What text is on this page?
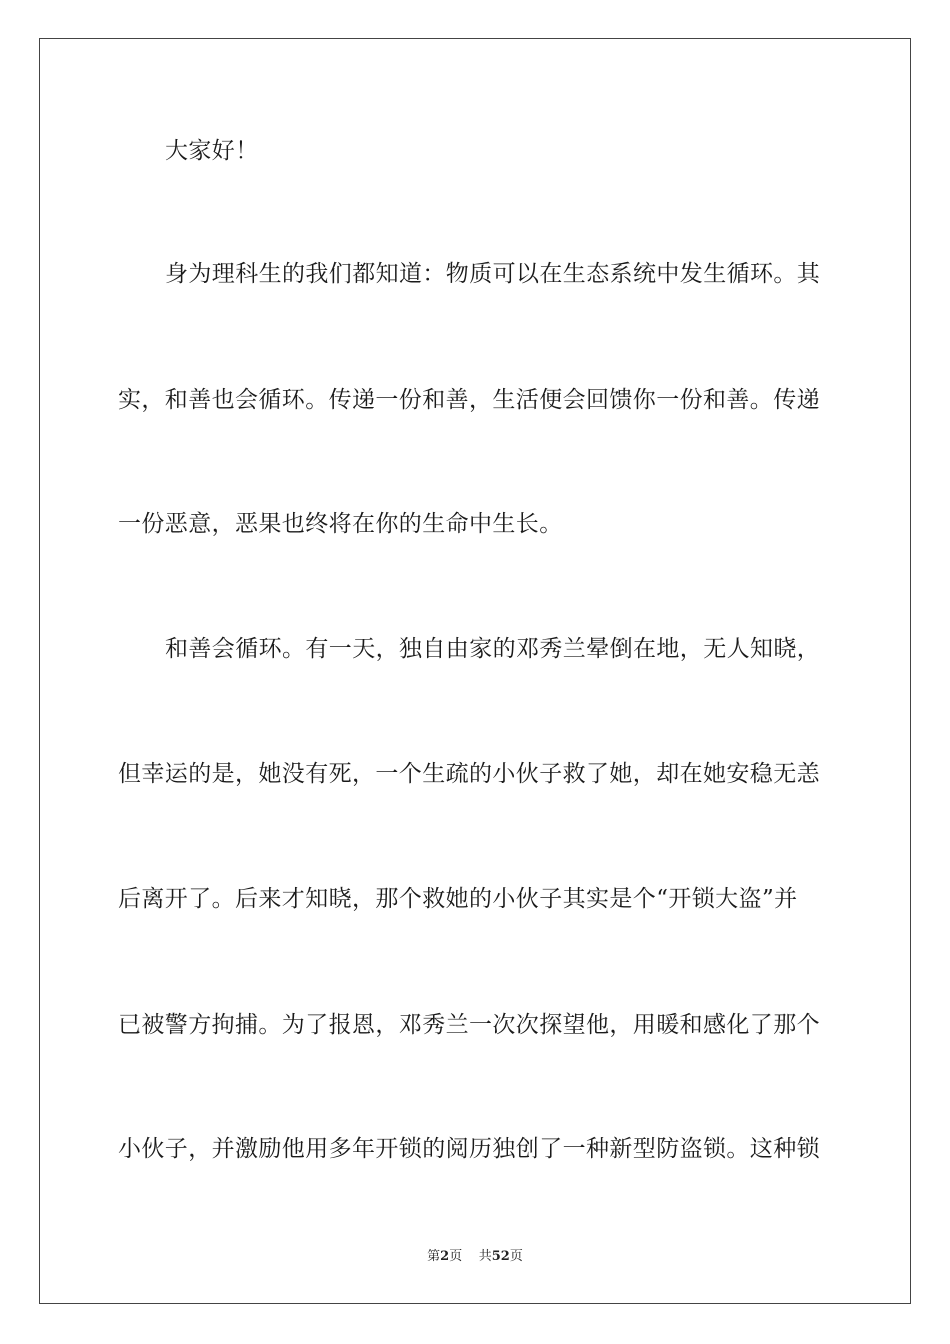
大家好！
身为理科生的我们都知道：物质可以在生态系统中发生循环。其
实，和善也会循环。传递一份和善，生活便会回馈你一份和善。传递
一份恶意，恶果也终将在你的生命中生长。
和善会循环。有一天，独自由家的邓秀兰晕倒在地，无人知晓，
但幸运的是，她没有死，一个生疏的小伙子救了她，却在她安稳无恙
后离开了。后来才知晓，那个救她的小伙子其实是个“开锁大盗”并
已被警方拘捕。为了报恩，邓秀兰一次次探望他，用暖和感化了那个
小伙子，并激励他用多年开锁的阅历独创了一种新型防盗锁。这种锁
第2页 共52页
